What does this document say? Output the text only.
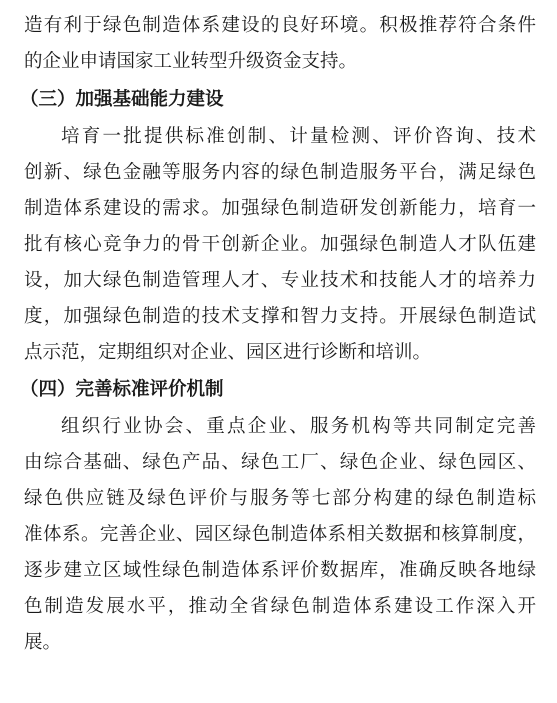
造有利于绿色制造体系建设的良好环境。积极推荐符合条件
的企业申请国家工业转型升级资金支持。
（三）加强基础能力建设
培育一批提供标准创制、计量检测、评价咨询、技术
创新、绿色金融等服务内容的绿色制造服务平台，满足绿色
制造体系建设的需求。加强绿色制造研发创新能力，培育一
批有核心竞争力的骨干创新企业。加强绿色制造人才队伍建
设，加大绿色制造管理人才、专业技术和技能人才的培养力
度，加强绿色制造的技术支撑和智力支持。开展绿色制造试
点示范，定期组织对企业、园区进行诊断和培训。
（四）完善标准评价机制
组织行业协会、重点企业、服务机构等共同制定完善
由综合基础、绿色产品、绿色工厂、绿色企业、绿色园区、
绿色供应链及绿色评价与服务等七部分构建的绿色制造标
准体系。完善企业、园区绿色制造体系相关数据和核算制度，
逐步建立区域性绿色制造体系评价数据库，准确反映各地绿
色制造发展水平，推动全省绿色制造体系建设工作深入开
展。
